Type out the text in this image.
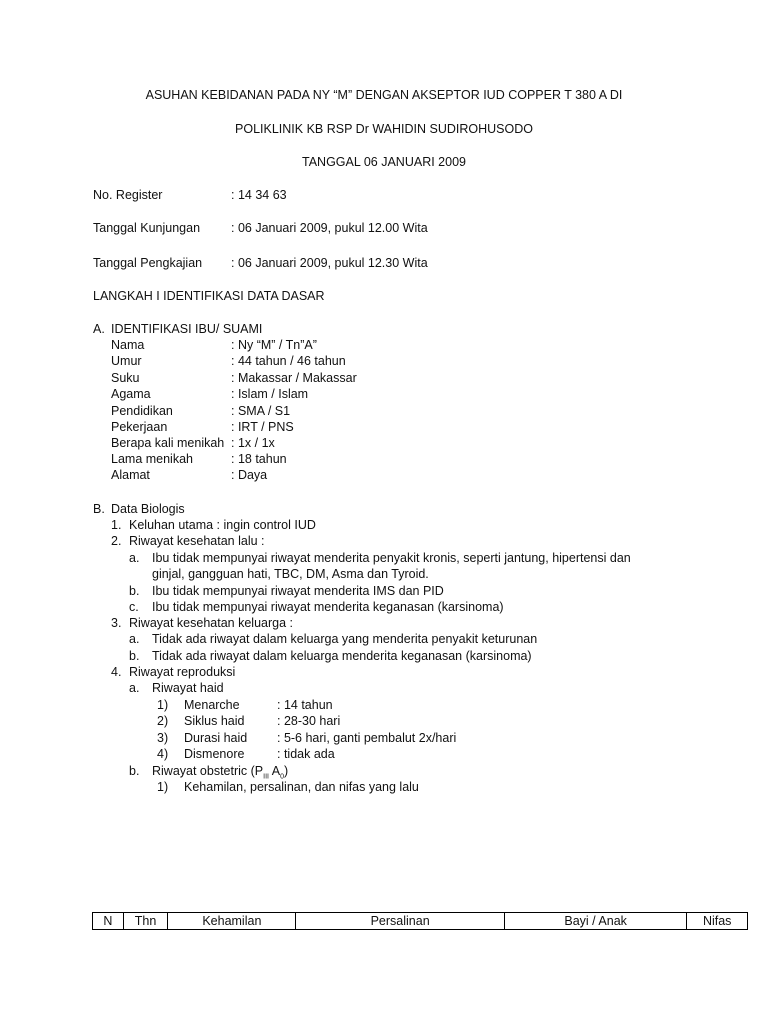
ASUHAN KEBIDANAN PADA NY “M” DENGAN AKSEPTOR IUD COPPER T 380 A DI
POLIKLINIK KB RSP Dr WAHIDIN SUDIROHUSODO
TANGGAL 06 JANUARI 2009
No. Register	: 14 34 63
Tanggal Kunjungan : 06 Januari 2009, pukul 12.00 Wita
Tanggal Pengkajian : 06 Januari 2009, pukul 12.30 Wita
LANGKAH I IDENTIFIKASI DATA DASAR
A. IDENTIFIKASI IBU/ SUAMI
Nama	: Ny “M” / Tn”A”
Umur	: 44 tahun / 46 tahun
Suku	: Makassar / Makassar
Agama	: Islam / Islam
Pendidikan	: SMA / S1
Pekerjaan	: IRT / PNS
Berapa kali menikah : 1x / 1x
Lama menikah	: 18 tahun
Alamat	: Daya
B. Data Biologis
1. Keluhan utama : ingin control IUD
2. Riwayat kesehatan lalu :
a. Ibu tidak mempunyai riwayat menderita penyakit kronis, seperti jantung, hipertensi dan
ginjal, gangguan hati, TBC, DM, Asma dan Tyroid.
b. Ibu tidak mempunyai riwayat menderita IMS dan PID
c. Ibu tidak mempunyai riwayat menderita keganasan (karsinoma)
3. Riwayat kesehatan keluarga :
a. Tidak ada riwayat dalam keluarga yang menderita penyakit keturunan
b. Tidak ada riwayat dalam keluarga menderita keganasan (karsinoma)
4. Riwayat reproduksi
a. Riwayat haid
1) Menarche	: 14 tahun
2) Siklus haid	: 28-30 hari
3) Durasi haid : 5-6 hari, ganti pembalut 2x/hari
4) Dismenore	: tidak ada
b. Riwayat obstetric ($P_{III}$ $A_0$)
1) Kehamilan, persalinan, dan nifas yang lalu
N	Thn	Kehamilan	Persalinan	Bayi / Anak	Nifas
